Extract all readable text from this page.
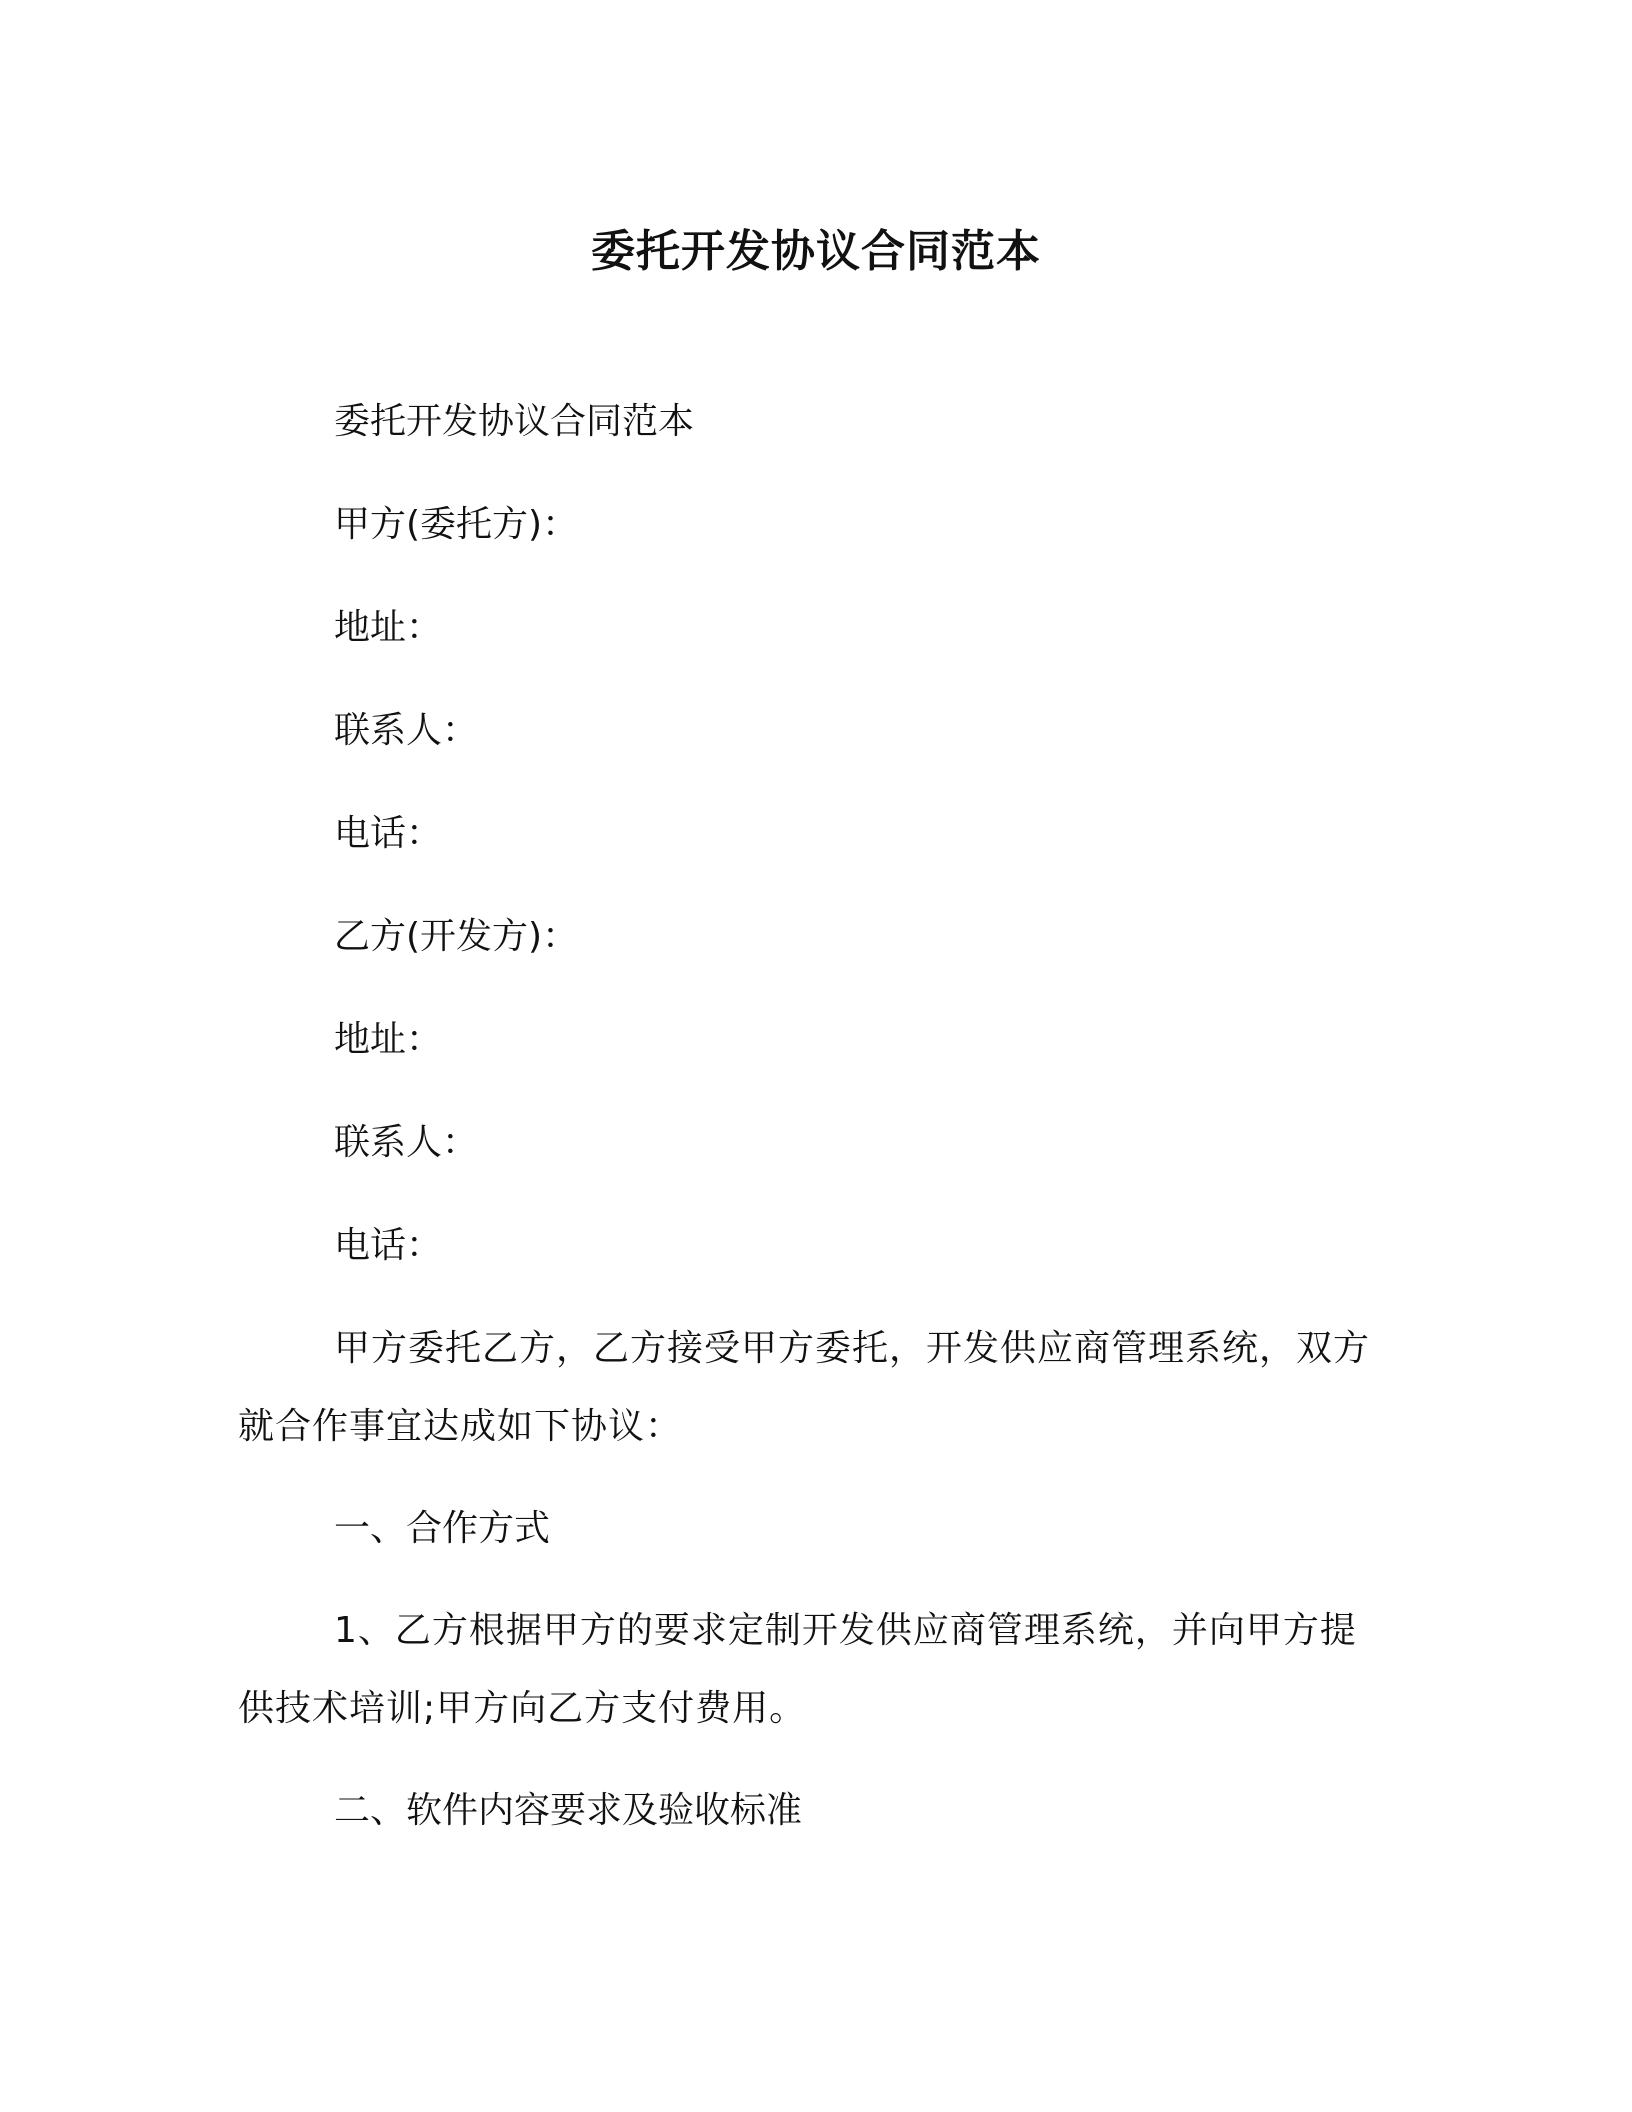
委托开发协议合同范本
委托开发协议合同范本
甲方(委托方)：
地址：
联系人：
电话：
乙方(开发方)：
地址：
联系人：
电话：
甲方委托乙方，乙方接受甲方委托，开发供应商管理系统，双方就合作事宜达成如下协议：
一、合作方式
1、乙方根据甲方的要求定制开发供应商管理系统，并向甲方提供技术培训;甲方向乙方支付费用。
二、软件内容要求及验收标准
